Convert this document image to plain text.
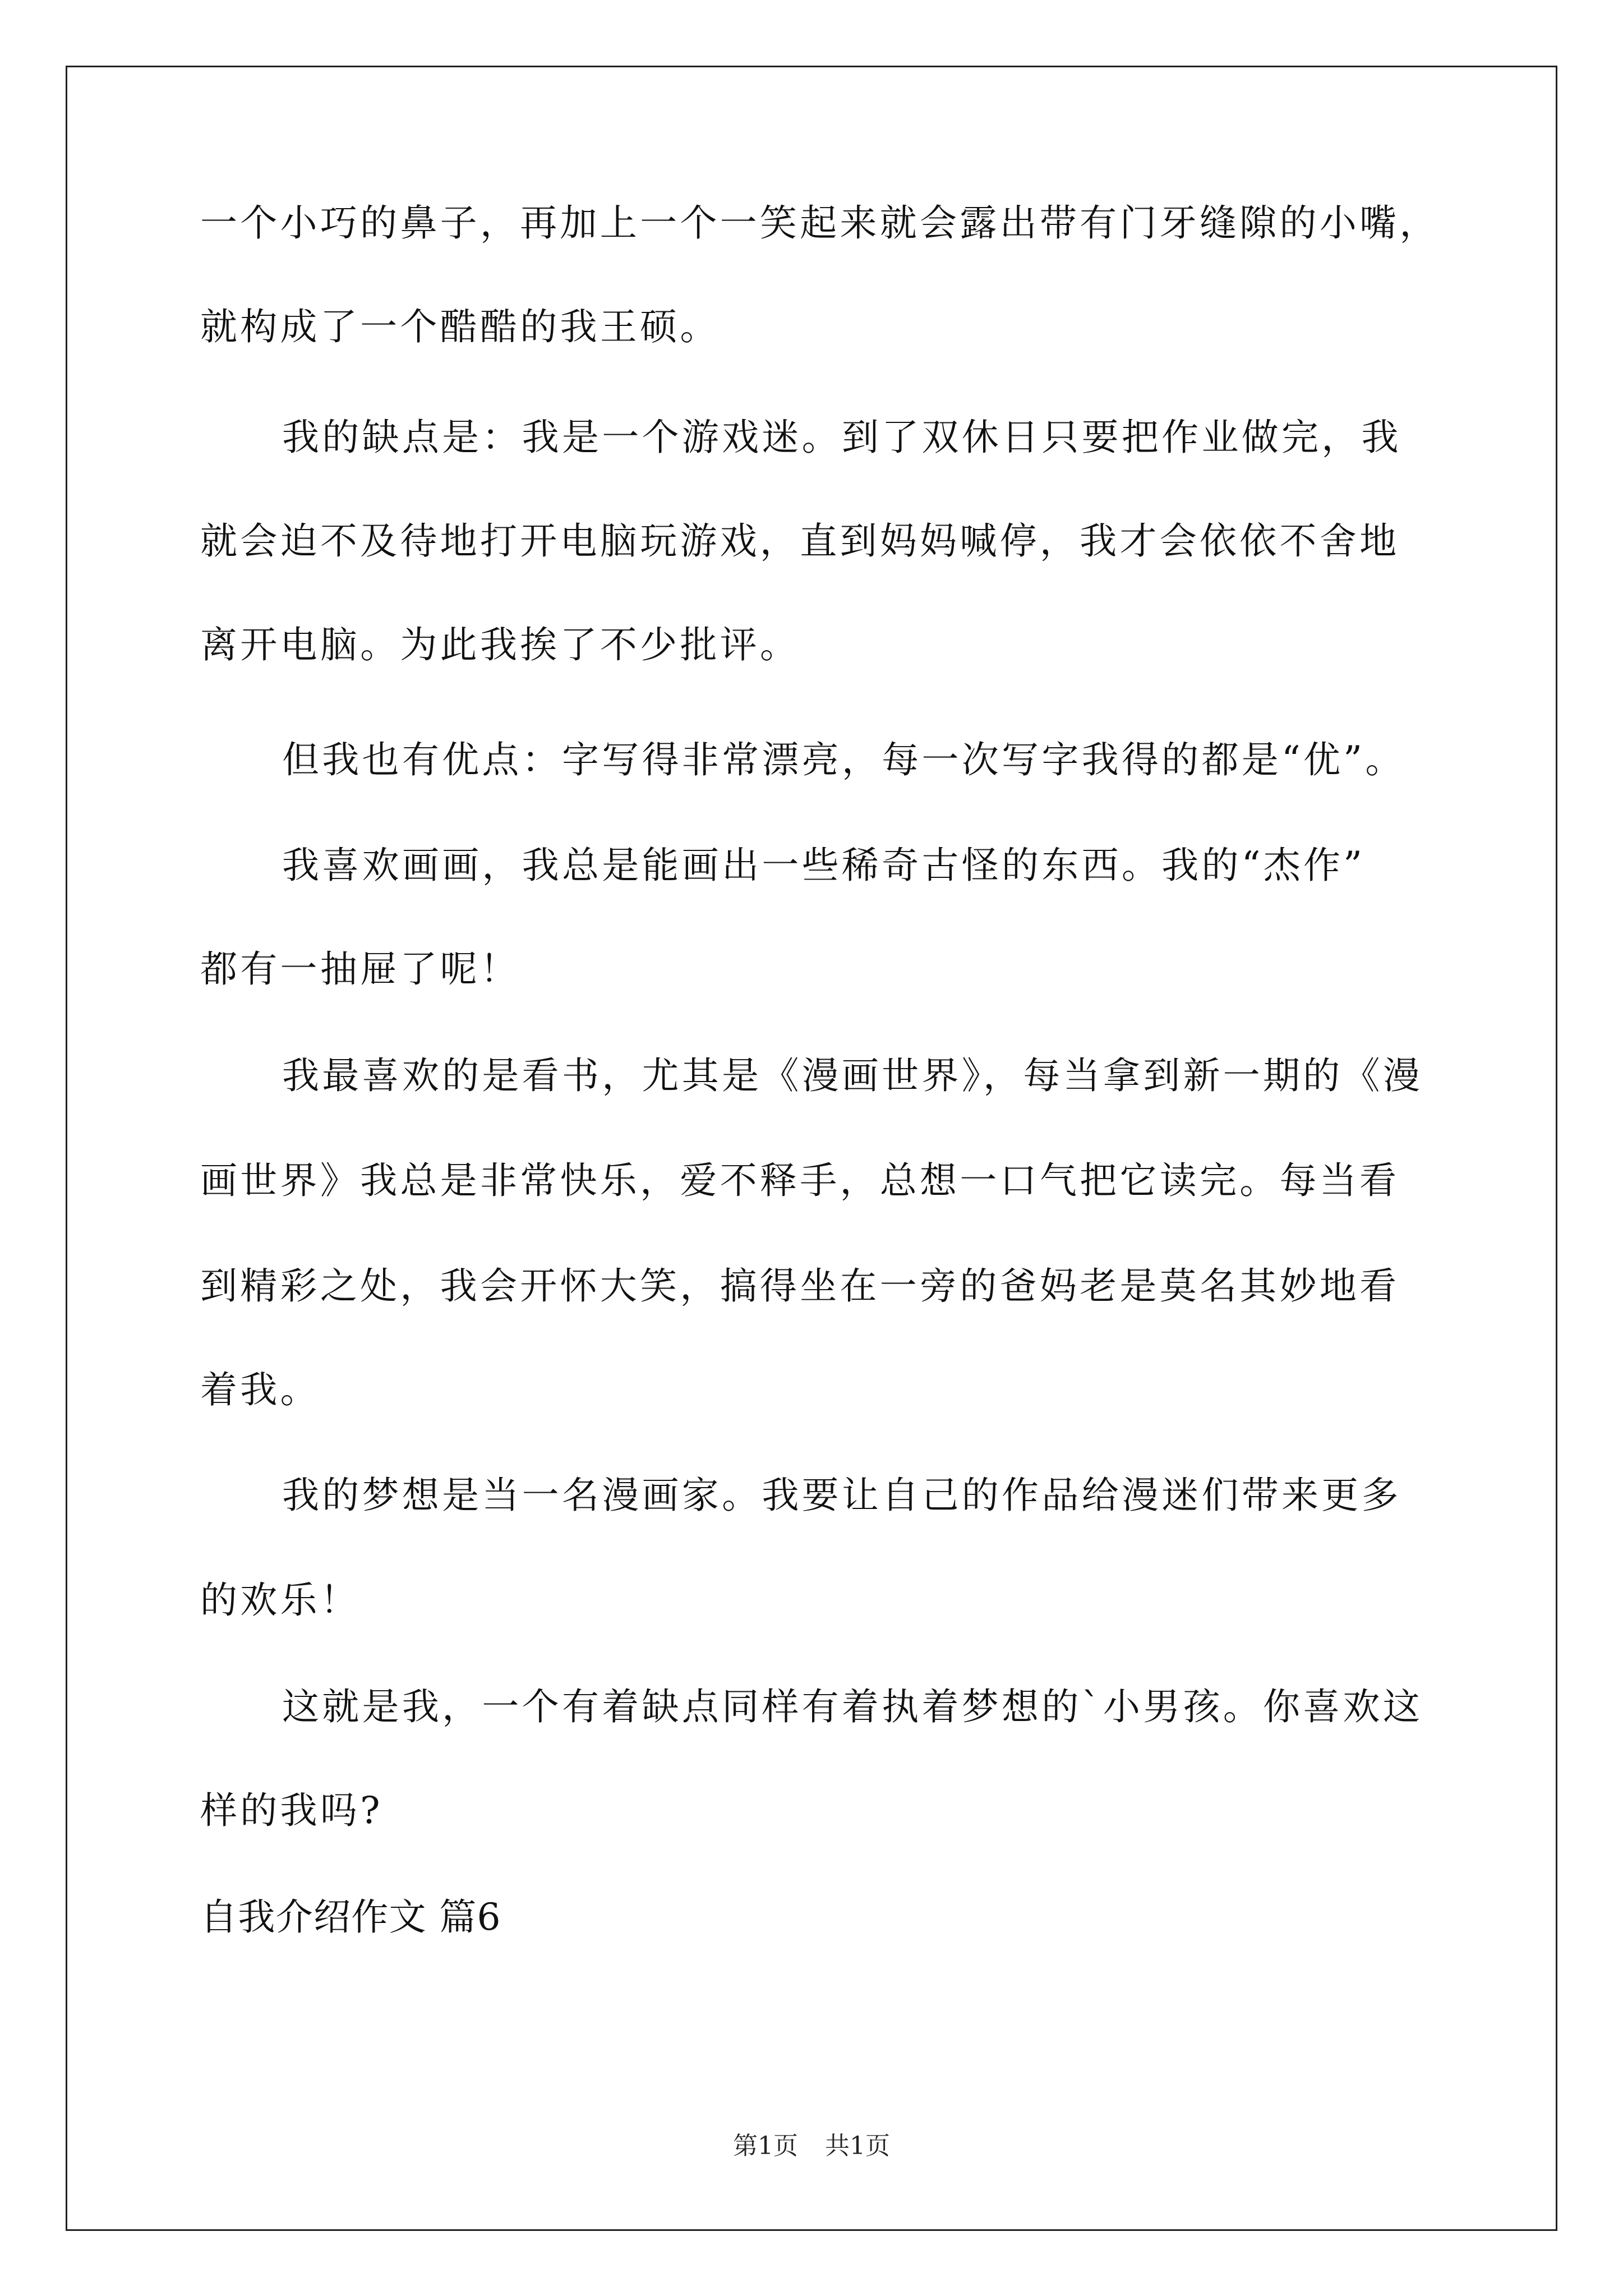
一个小巧的鼻子，再加上一个一笑起来就会露出带有门牙缝隙的小嘴，
就构成了一个酷酷的我王硕。
我的缺点是：我是一个游戏迷。到了双休日只要把作业做完，我
就会迫不及待地打开电脑玩游戏，直到妈妈喊停，我才会依依不舍地
离开电脑。为此我挨了不少批评。
但我也有优点：字写得非常漂亮，每一次写字我得的都是“优”。
我喜欢画画，我总是能画出一些稀奇古怪的东西。我的“杰作”
都有一抽屉了呢！
我最喜欢的是看书，尤其是《漫画世界》，每当拿到新一期的《漫
画世界》我总是非常快乐，爱不释手，总想一口气把它读完。每当看
到精彩之处，我会开怀大笑，搞得坐在一旁的爸妈老是莫名其妙地看
着我。
我的梦想是当一名漫画家。我要让自己的作品给漫迷们带来更多
的欢乐！
这就是我，一个有着缺点同样有着执着梦想的`小男孩。你喜欢这
样的我吗?
自我介绍作文 篇6
第1页 共1页
